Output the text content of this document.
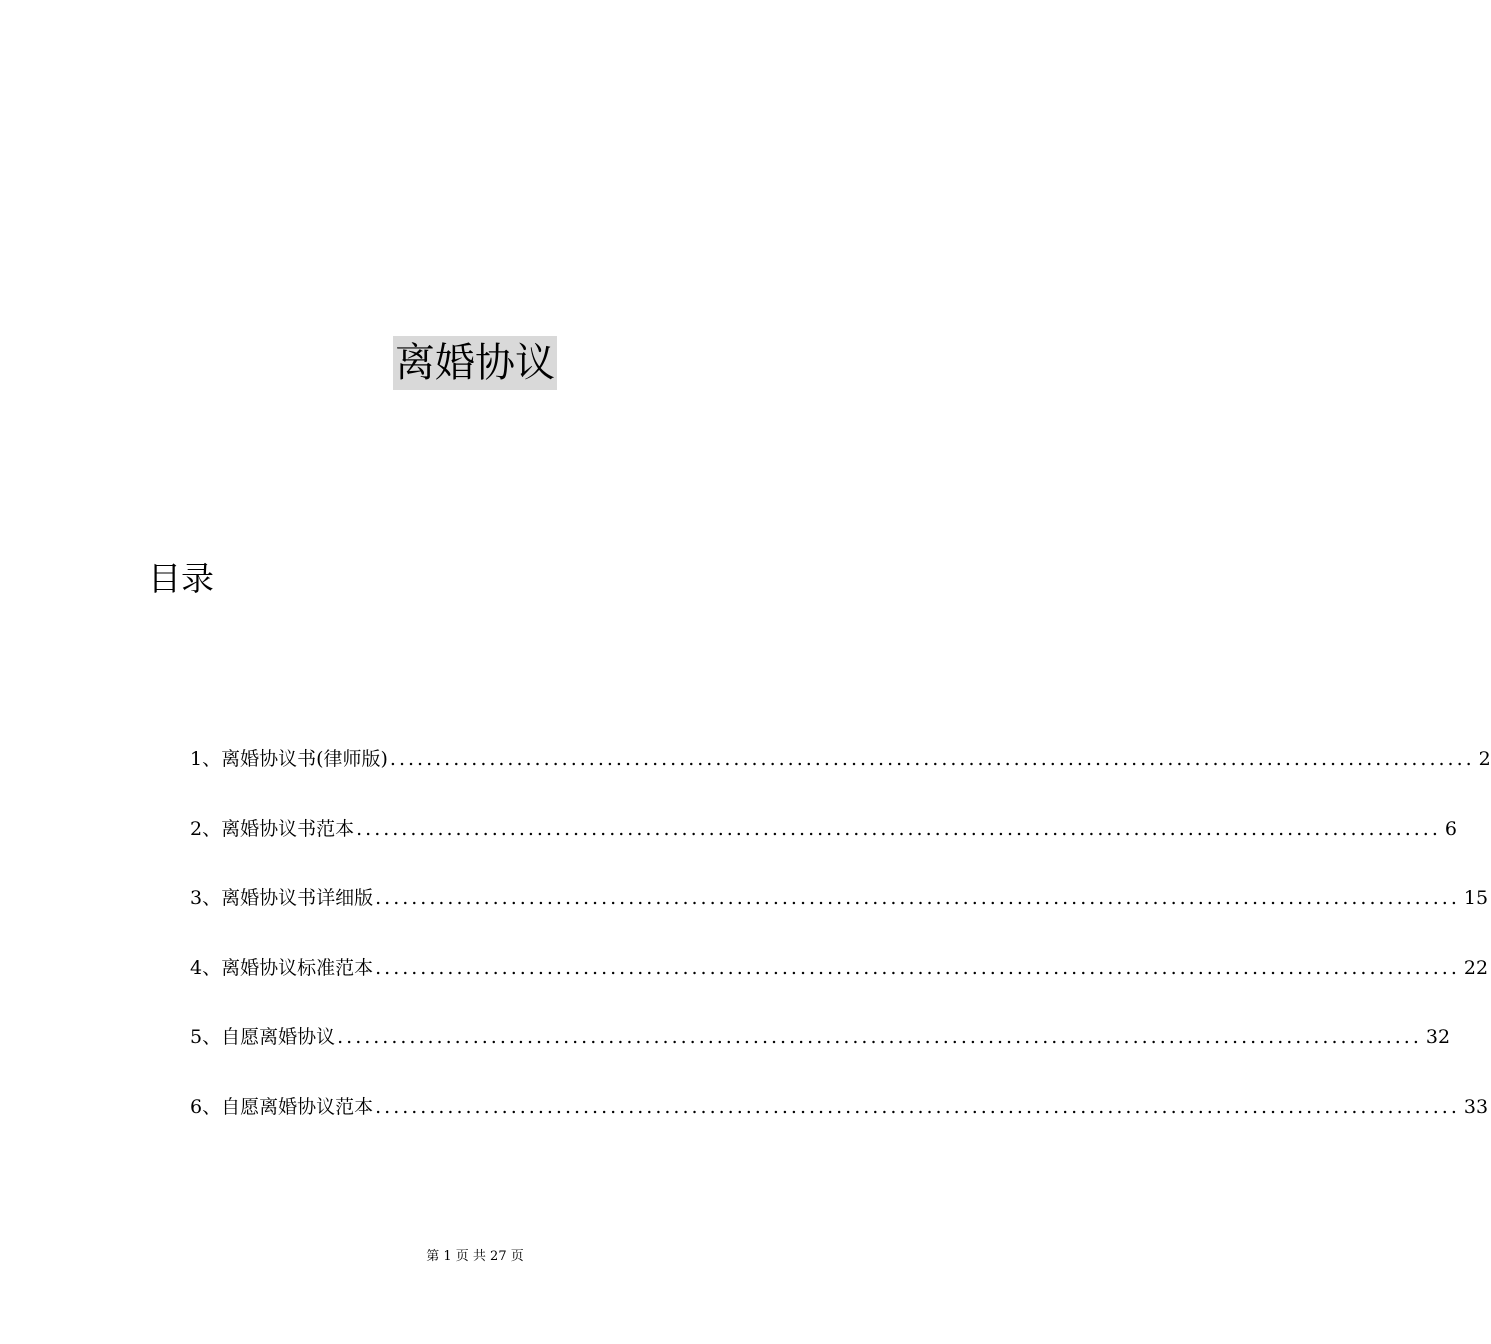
离婚协议
目录
1、离婚协议书(律师版) ........................................................................................................................ 2
2、离婚协议书范本 ........................................................................................................................ 6
3、离婚协议书详细版 ........................................................................................................................ 15
4、离婚协议标准范本 ........................................................................................................................ 22
5、自愿离婚协议 ........................................................................................................................ 32
6、自愿离婚协议范本 ........................................................................................................................ 33
第 1 页 共 27 页
